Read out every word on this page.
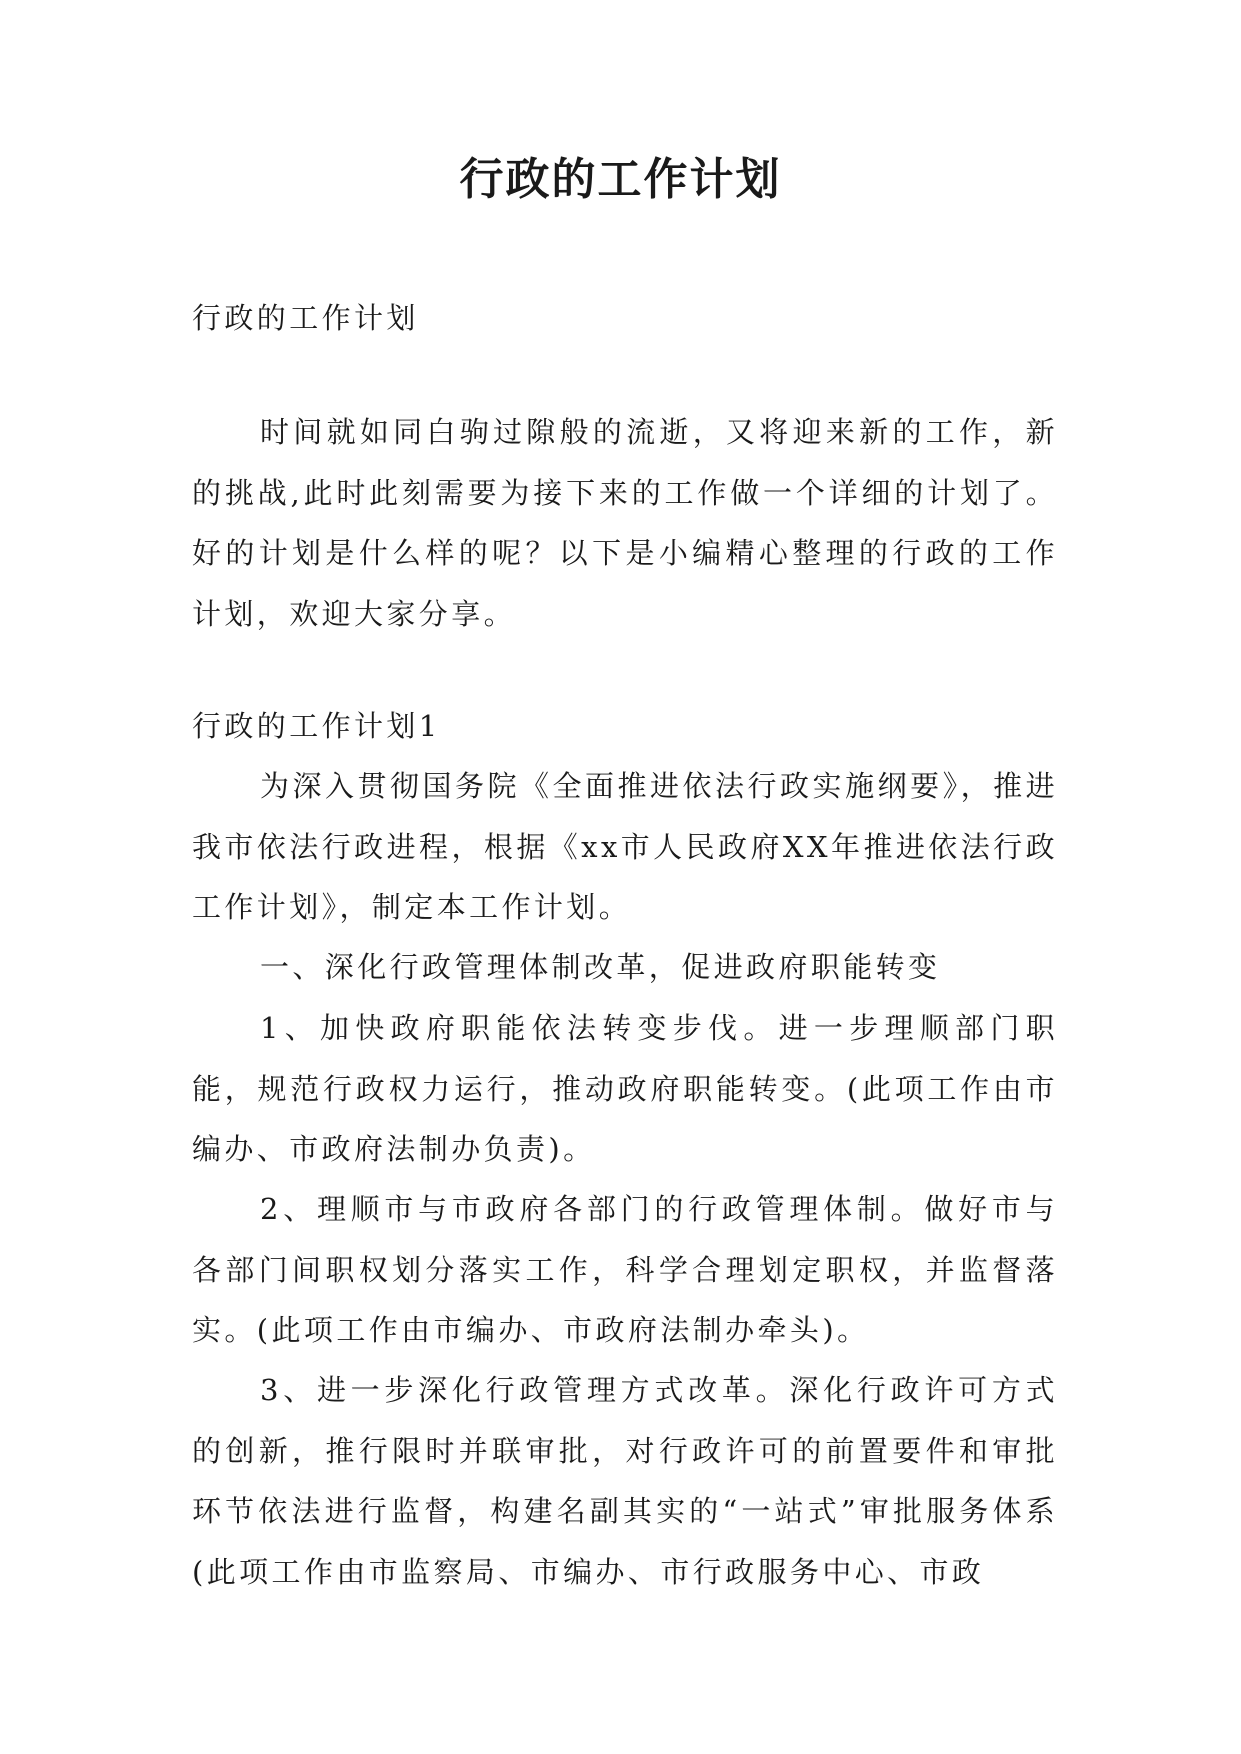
行政的工作计划

行政的工作计划

时间就如同白驹过隙般的流逝，又将迎来新的工作，新的挑战,此时此刻需要为接下来的工作做一个详细的计划了。好的计划是什么样的呢？以下是小编精心整理的行政的工作计划，欢迎大家分享。

行政的工作计划1

为深入贯彻国务院《全面推进依法行政实施纲要》，推进我市依法行政进程，根据《xx市人民政府XX年推进依法行政工作计划》，制定本工作计划。

一、深化行政管理体制改革，促进政府职能转变

1、加快政府职能依法转变步伐。进一步理顺部门职能，规范行政权力运行，推动政府职能转变。(此项工作由市编办、市政府法制办负责)。

2、理顺市与市政府各部门的行政管理体制。做好市与各部门间职权划分落实工作，科学合理划定职权，并监督落实。(此项工作由市编办、市政府法制办牵头)。

3、进一步深化行政管理方式改革。深化行政许可方式的创新，推行限时并联审批，对行政许可的前置要件和审批环节依法进行监督，构建名副其实的“一站式”审批服务体系(此项工作由市监察局、市编办、市行政服务中心、市政
